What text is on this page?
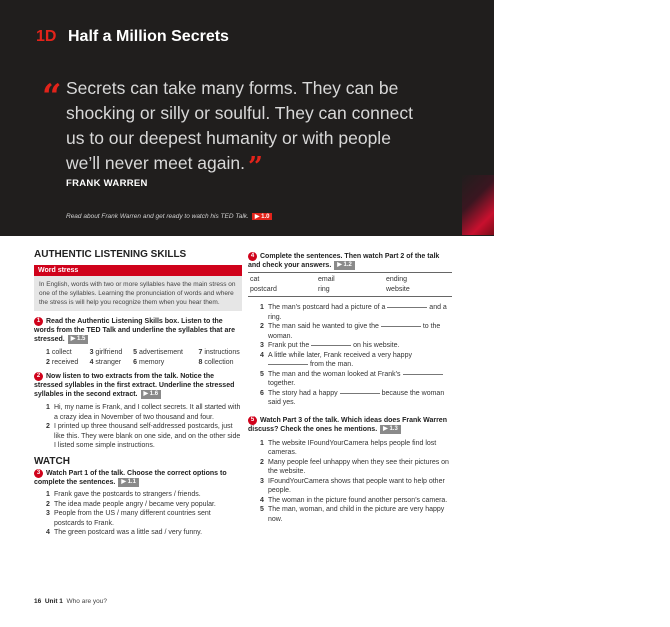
1D Half a Million Secrets
“ Secrets can take many forms. They can be shocking or silly or soulful. They can connect us to our deepest humanity or with people we’ll never meet again. ”
FRANK WARREN
Read about Frank Warren and get ready to watch his TED Talk. ▶ 1.0
AUTHENTIC LISTENING SKILLS
Word stress
In English, words with two or more syllables have the main stress on one of the syllables. Learning the pronunciation of words and where the stress is will help you recognize them when you hear them.
1 Read the Authentic Listening Skills box. Listen to the words from the TED Talk and underline the syllables that are stressed. ▶ 1.5
1 collect	3 girlfriend	5 advertisement	7 instructions
2 received	4 stranger	6 memory	8 collection
2 Now listen to two extracts from the talk. Notice the stressed syllables in the first extract. Underline the stressed syllables in the second extract. ▶ 1.6
1 Hi, my name is Frank, and I collect secrets. It all started with a crazy idea in November of two thousand and four.
2 I printed up three thousand self-addressed postcards, just like this. They were blank on one side, and on the other side I listed some simple instructions.
WATCH
3 Watch Part 1 of the talk. Choose the correct options to complete the sentences. ▶ 1.1
1 Frank gave the postcards to strangers / friends.
2 The idea made people angry / became very popular.
3 People from the US / many different countries sent postcards to Frank.
4 The green postcard was a little sad / very funny.
4 Complete the sentences. Then watch Part 2 of the talk and check your answers. ▶ 1.2
cat	email	ending
postcard	ring	website
1 The man’s postcard had a picture of a	and a ring.
2 The man said he wanted to give the	to the woman.
3 Frank put the	on his website.
4 A little while later, Frank received a very happy  from the man.
5 The man and the woman looked at Frank’s  together.
6 The story had a happy	because the woman said yes.
5 Watch Part 3 of the talk. Which ideas does Frank Warren discuss? Check the ones he mentions. ▶ 1.3
1 The website IFoundYourCamera helps people find lost cameras.
2 Many people feel unhappy when they see their pictures on the website.
3 IFoundYourCamera shows that people want to help other people.
4 The woman in the picture found another person’s camera.
5 The man, woman, and child in the picture are very happy now.
16 Unit 1 Who are you?
